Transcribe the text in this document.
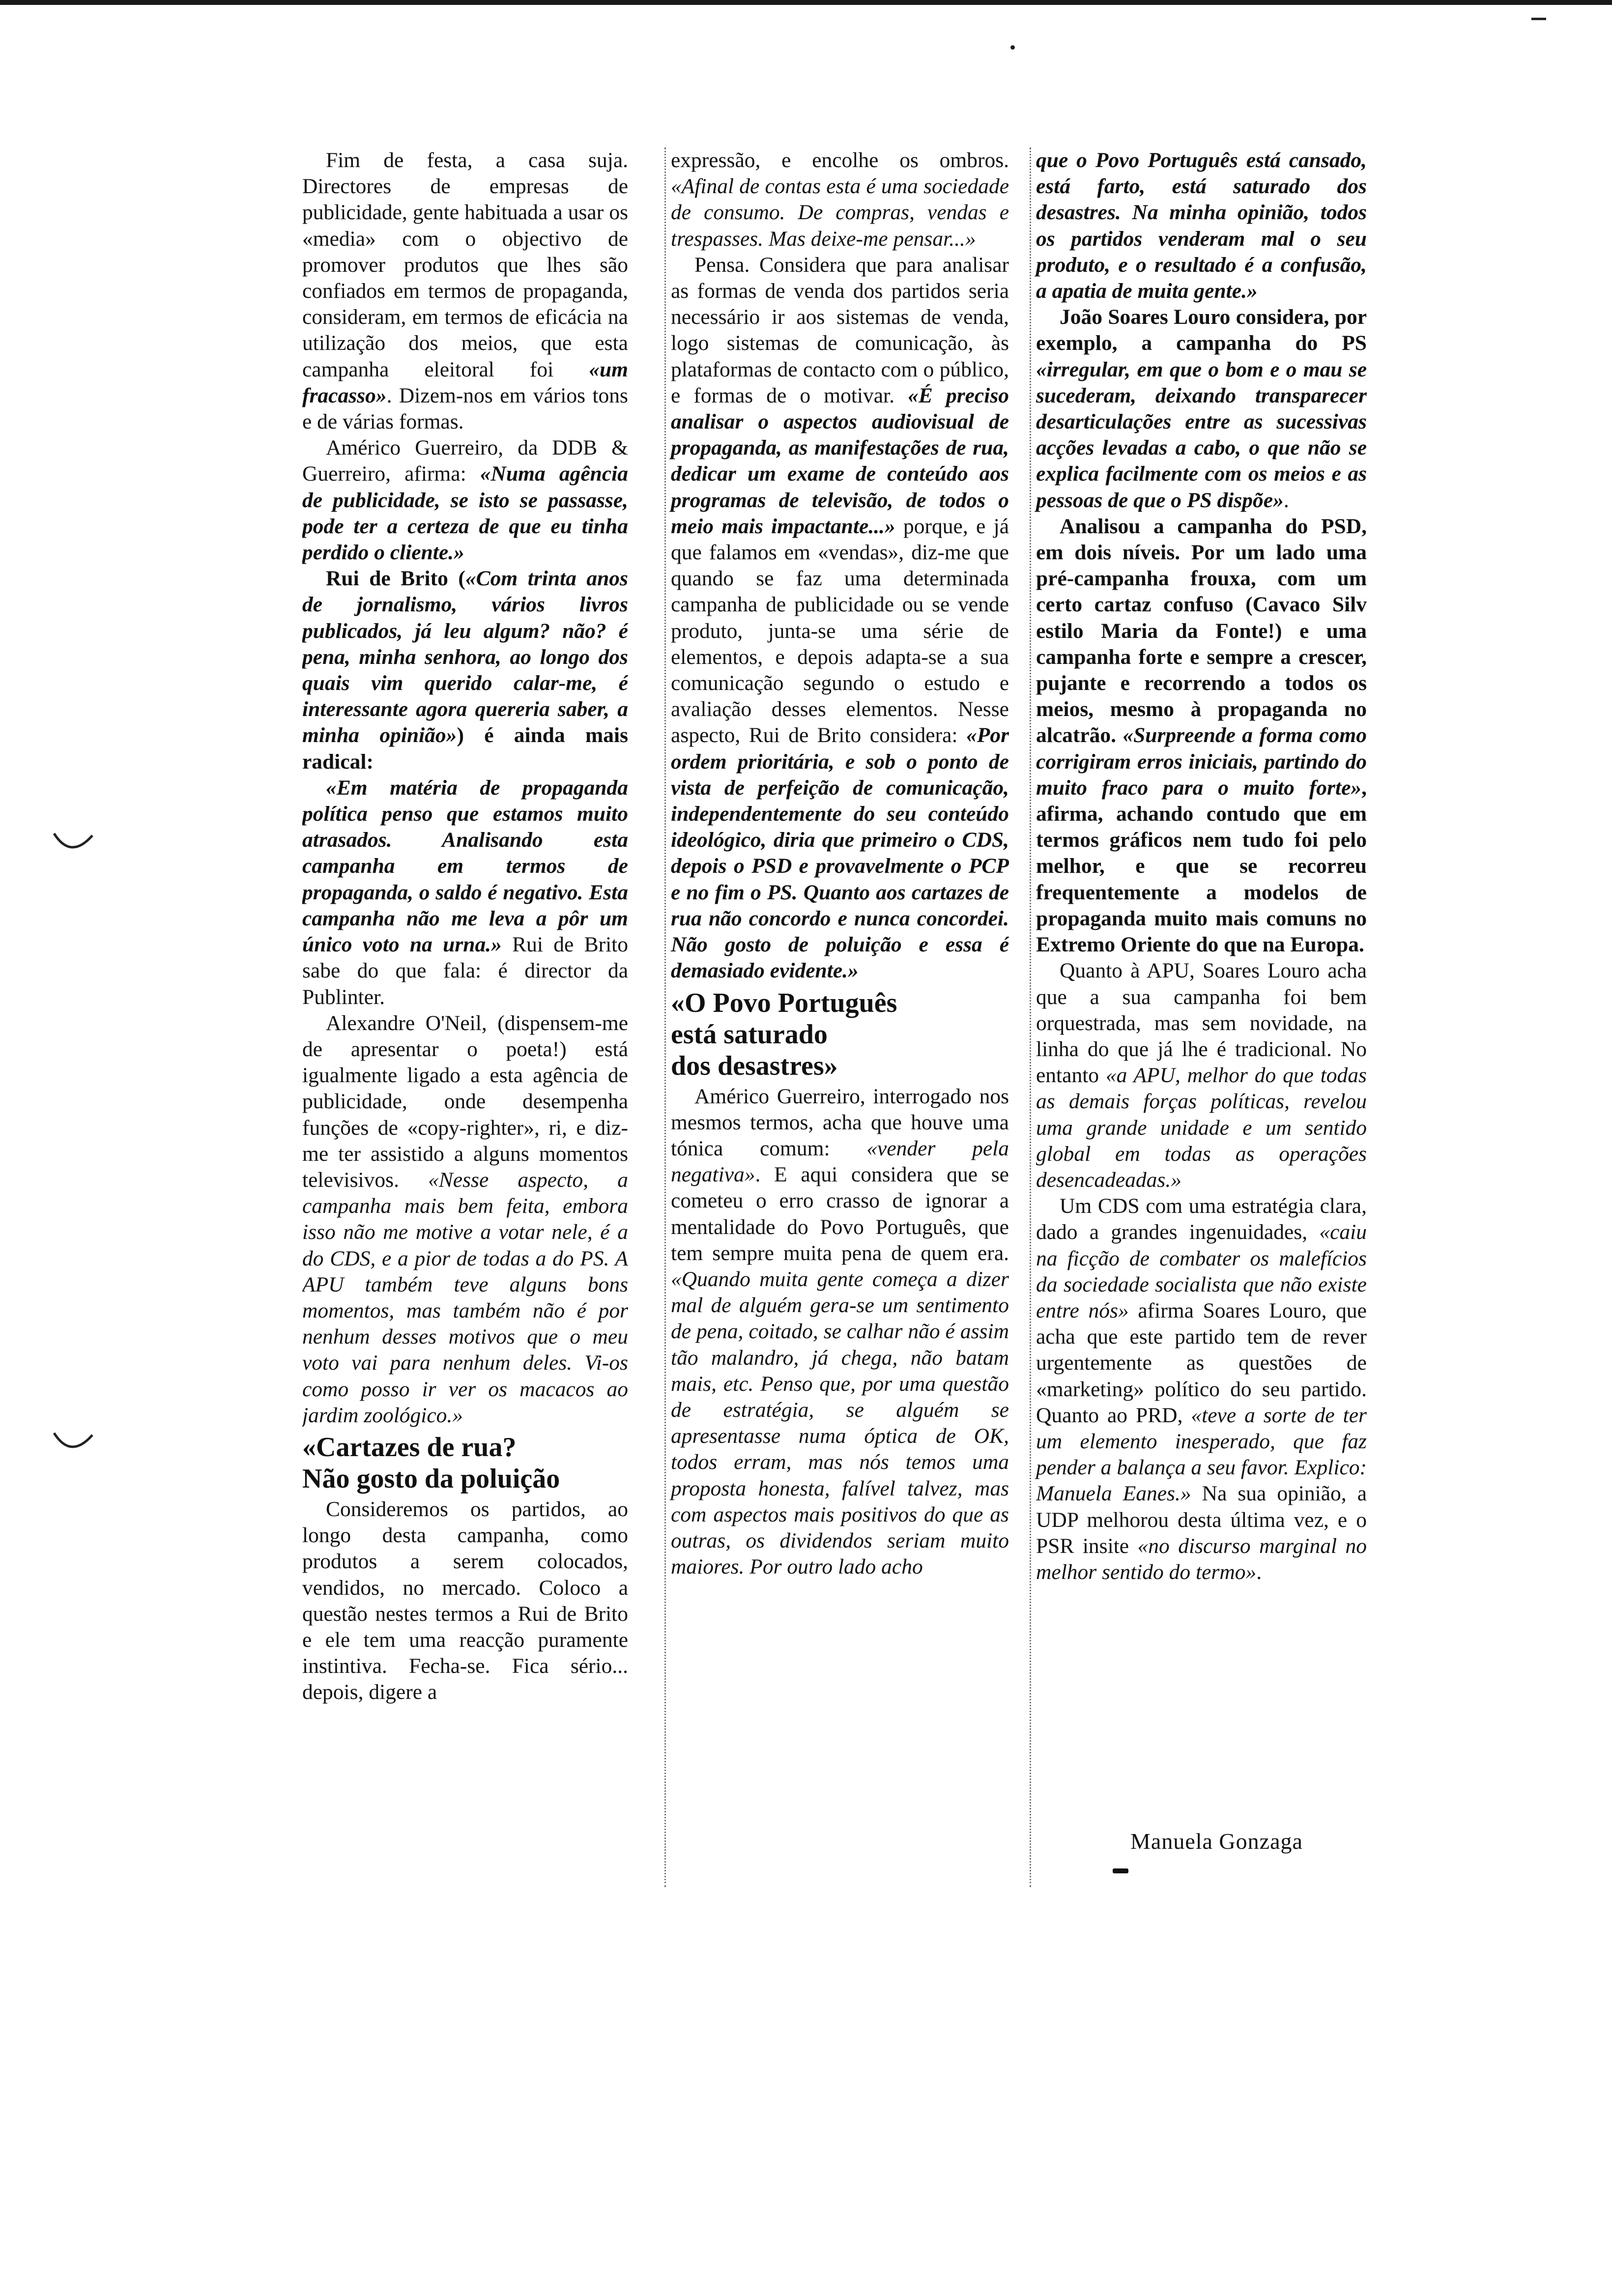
Fim de festa, a casa suja. Directores de empresas de publicidade, gente habituada a usar os «media» com o objectivo de promover produtos que lhes são confiados em termos de propaganda, consideram, em termos de eficácia na utilização dos meios, que esta campanha eleitoral foi «um fracasso». Dizem-nos em vários tons e de várias formas.

Américo Guerreiro, da DDB & Guerreiro, afirma: «Numa agência de publicidade, se isto se passasse, pode ter a certeza de que eu tinha perdido o cliente.»

Rui de Brito («Com trinta anos de jornalismo, vários livros publicados, já leu algum? não? é pena, minha senhora, ao longo dos quais vim querido calar-me, é interessante agora quereria saber, a minha opinião») é ainda mais radical:

«Em matéria de propaganda política penso que estamos muito atrasados. Analisando esta campanha em termos de propaganda, o saldo é negativo. Esta campanha não me leva a pôr um único voto na urna.» Rui de Brito sabe do que fala: é director da Publinter.

Alexandre O'Neil, (dispensem-me de apresentar o poeta!) está igualmente ligado a esta agência de publicidade, onde desempenha funções de «copy-righter», ri, e diz-me ter assistido a alguns momentos televisivos. «Nesse aspecto, a campanha mais bem feita, embora isso não me motive a votar nele, é a do CDS, e a pior de todas a do PS. A APU também teve alguns bons momentos, mas também não é por nenhum desses motivos que o meu voto vai para nenhum deles. Vi-os como posso ir ver os macacos ao jardim zoológico.»

«Cartazes de rua?
Não gosto da poluição

Consideremos os partidos, ao longo desta campanha, como produtos a serem colocados, vendidos, no mercado. Coloco a questão nestes termos a Rui de Brito e ele tem uma reacção puramente instintiva. Fecha-se. Fica sério... depois, digere a

expressão, e encolhe os ombros. «Afinal de contas esta é uma sociedade de consumo. De compras, vendas e trespasses. Mas deixe-me pensar...»

Pensa. Considera que para analisar as formas de venda dos partidos seria necessário ir aos sistemas de venda, logo sistemas de comunicação, às plataformas de contacto com o público, e formas de o motivar. «É preciso analisar o aspectos audiovisual de propaganda, as manifestações de rua, dedicar um exame de conteúdo aos programas de televisão, de todos o meio mais impactante...» porque, e já que falamos em «vendas», diz-me que quando se faz uma determinada campanha de publicidade ou se vende produto, junta-se uma série de elementos, e depois adapta-se a sua comunicação segundo o estudo e avaliação desses elementos. Nesse aspecto, Rui de Brito considera: «Por ordem prioritária, e sob o ponto de vista de perfeição de comunicação, independentemente do seu conteúdo ideológico, diria que primeiro o CDS, depois o PSD e provavelmente o PCP e no fim o PS. Quanto aos cartazes de rua não concordo e nunca concordei. Não gosto de poluição e essa é demasiado evidente.»

«O Povo Português
está saturado
dos desastres»

Américo Guerreiro, interrogado nos mesmos termos, acha que houve uma tónica comum: «vender pela negativa». E aqui considera que se cometeu o erro crasso de ignorar a mentalidade do Povo Português, que tem sempre muita pena de quem era. «Quando muita gente começa a dizer mal de alguém gera-se um sentimento de pena, coitado, se calhar não é assim tão malandro, já chega, não batam mais, etc. Penso que, por uma questão de estratégia, se alguém se apresentasse numa óptica de OK, todos erram, mas nós temos uma proposta honesta, falível talvez, mas com aspectos mais positivos do que as outras, os dividendos seriam muito maiores. Por outro lado acho

que o Povo Português está cansado, está farto, está saturado dos desastres. Na minha opinião, todos os partidos venderam mal o seu produto, e o resultado é a confusão, a apatia de muita gente.»

João Soares Louro considera, por exemplo, a campanha do PS «irregular, em que o bom e o mau se sucederam, deixando transparecer desarticulações entre as sucessivas acções levadas a cabo, o que não se explica facilmente com os meios e as pessoas de que o PS dispõe».

Analisou a campanha do PSD, em dois níveis. Por um lado uma pré-campanha frouxa, com um certo cartaz confuso (Cavaco Silv estilo Maria da Fonte!) e uma campanha forte e sempre a crescer, pujante e recorrendo a todos os meios, mesmo à propaganda no alcatrão. «Surpreende a forma como corrigiram erros iniciais, partindo do muito fraco para o muito forte», afirma, achando contudo que em termos gráficos nem tudo foi pelo melhor, e que se recorreu frequentemente a modelos de propaganda muito mais comuns no Extremo Oriente do que na Europa.

Quanto à APU, Soares Louro acha que a sua campanha foi bem orquestrada, mas sem novidade, na linha do que já lhe é tradicional. No entanto «a APU, melhor do que todas as demais forças políticas, revelou uma grande unidade e um sentido global em todas as operações desencadeadas.»

Um CDS com uma estratégia clara, dado a grandes ingenuidades, «caiu na ficção de combater os malefícios da sociedade socialista que não existe entre nós» afirma Soares Louro, que acha que este partido tem de rever urgentemente as questões de «marketing» político do seu partido. Quanto ao PRD, «teve a sorte de ter um elemento inesperado, que faz pender a balança a seu favor. Explico: Manuela Eanes.» Na sua opinião, a UDP melhorou desta última vez, e o PSR insite «no discurso marginal no melhor sentido do termo».

Manuela Gonzaga
